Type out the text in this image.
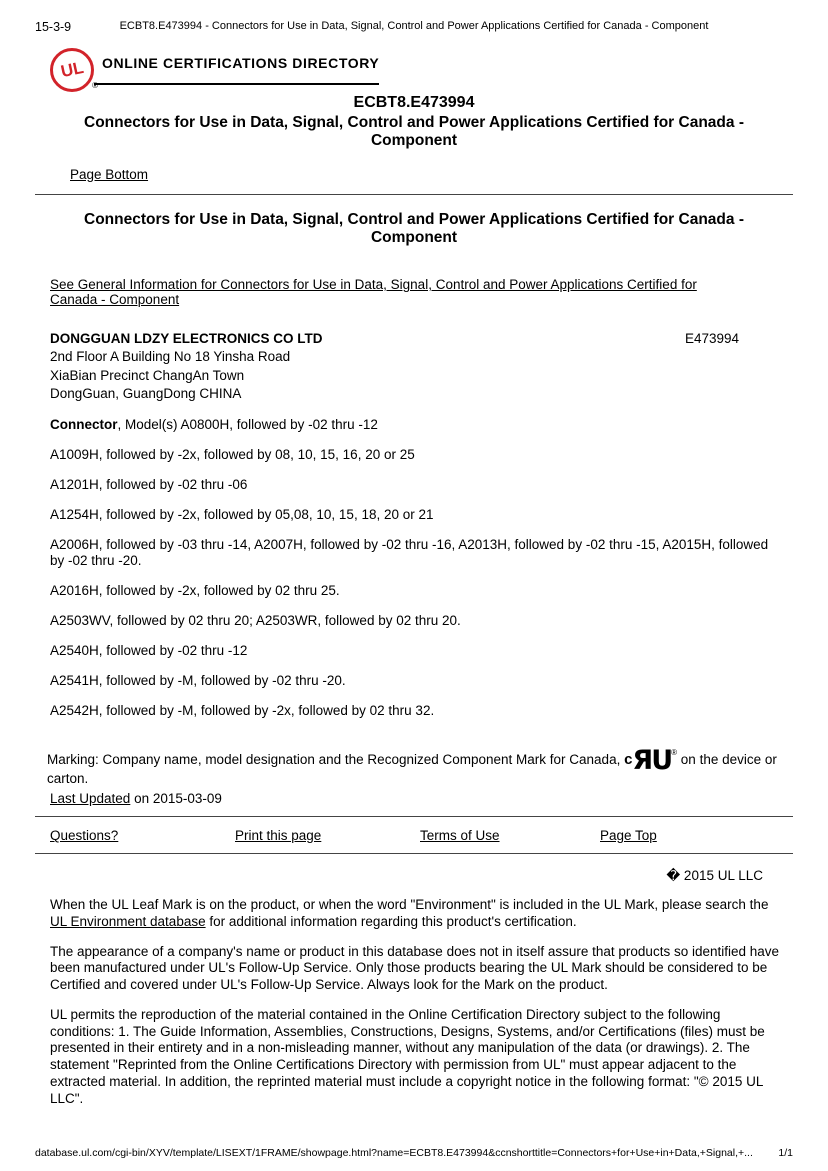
15-3-9	ECBT8.E473994 - Connectors for Use in Data, Signal, Control and Power Applications Certified for Canada - Component
UL
®
ONLINE CERTIFICATIONS DIRECTORY
ECBT8.E473994
Connectors for Use in Data, Signal, Control and Power Applications Certified for Canada - Component
Page Bottom
Connectors for Use in Data, Signal, Control and Power Applications Certified for Canada - Component
See General Information for Connectors for Use in Data, Signal, Control and Power Applications Certified for Canada - Component
DONGGUAN LDZY ELECTRONICS CO LTD	E473994
2nd Floor A Building No 18 Yinsha Road
XiaBian Precinct ChangAn Town
DongGuan, GuangDong CHINA

Connector, Model(s) A0800H, followed by -02 thru -12

A1009H, followed by -2x, followed by 08, 10, 15, 16, 20 or 25

A1201H, followed by -02 thru -06

A1254H, followed by -2x, followed by 05,08, 10, 15, 18, 20 or 21

A2006H, followed by -03 thru -14, A2007H, followed by -02 thru -16, A2013H, followed by -02 thru -15, A2015H, followed by -02 thru -20.

A2016H, followed by -2x, followed by 02 thru 25.

A2503WV, followed by 02 thru 20; A2503WR, followed by 02 thru 20.

A2540H, followed by -02 thru -12

A2541H, followed by -M, followed by -02 thru -20.

A2542H, followed by -M, followed by -2x, followed by 02 thru 32.

Marking: Company name, model designation and the Recognized Component Mark for Canada, cЯU® on the device or carton.

Last Updated on 2015-03-09

Questions?	Print this page	Terms of Use	Page Top
� 2015 UL LLC

When the UL Leaf Mark is on the product, or when the word "Environment" is included in the UL Mark, please search the UL Environment database for additional information regarding this product's certification.

The appearance of a company's name or product in this database does not in itself assure that products so identified have been manufactured under UL's Follow-Up Service. Only those products bearing the UL Mark should be considered to be Certified and covered under UL's Follow-Up Service. Always look for the Mark on the product.

UL permits the reproduction of the material contained in the Online Certification Directory subject to the following conditions: 1. The Guide Information, Assemblies, Constructions, Designs, Systems, and/or Certifications (files) must be presented in their entirety and in a non-misleading manner, without any manipulation of the data (or drawings). 2. The statement "Reprinted from the Online Certifications Directory with permission from UL" must appear adjacent to the extracted material. In addition, the reprinted material must include a copyright notice in the following format: "© 2015 UL LLC".

database.ul.com/cgi-bin/XYV/template/LISEXT/1FRAME/showpage.html?name=ECBT8.E473994&ccnshorttitle=Connectors+for+Use+in+Data,+Signal,+... 1/1
